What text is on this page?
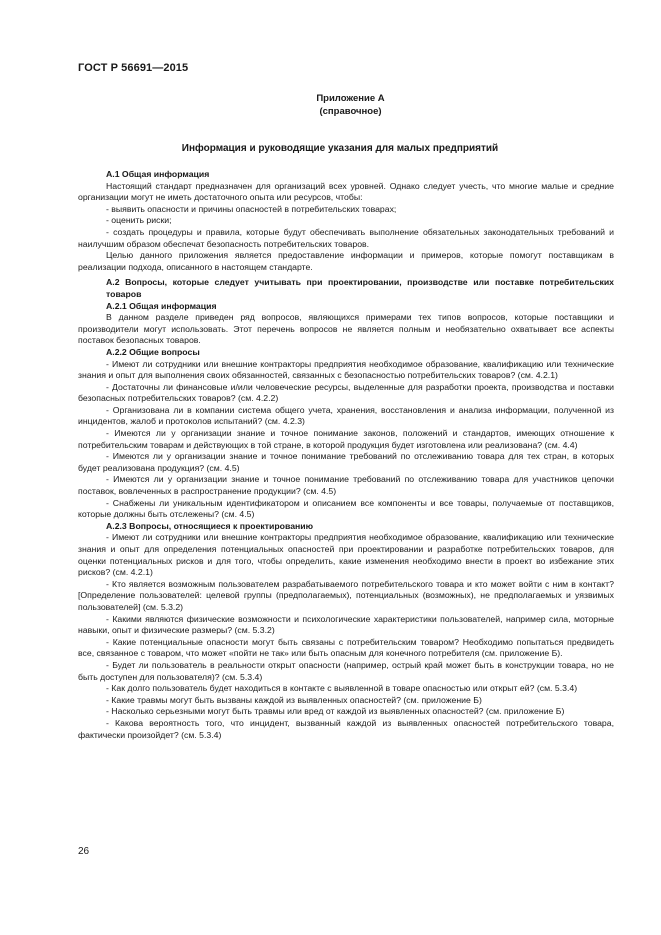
ГОСТ Р 56691—2015
Приложение А
(справочное)
Информация и руководящие указания для малых предприятий

А.1 Общая информация

Настоящий стандарт предназначен для организаций всех уровней. Однако следует учесть, что многие малые и средние организации могут не иметь достаточного опыта или ресурсов, чтобы:

- выявить опасности и причины опасностей в потребительских товарах;

- оценить риски;

- создать процедуры и правила, которые будут обеспечивать выполнение обязательных законодательных требований и наилучшим образом обеспечат безопасность потребительских товаров.

Целью данного приложения является предоставление информации и примеров, которые помогут поставщикам в реализации подхода, описанного в настоящем стандарте.

А.2 Вопросы, которые следует учитывать при проектировании, производстве или поставке потребительских товаров

А.2.1 Общая информация

В данном разделе приведен ряд вопросов, являющихся примерами тех типов вопросов, которые поставщики и производители могут использовать. Этот перечень вопросов не является полным и необязательно охватывает все аспекты поставок безопасных товаров.

А.2.2 Общие вопросы

- Имеют ли сотрудники или внешние контракторы предприятия необходимое образование, квалификацию или технические знания и опыт для выполнения своих обязанностей, связанных с безопасностью потребительских товаров? (см. 4.2.1)

- Достаточны ли финансовые и/или человеческие ресурсы, выделенные для разработки проекта, производства и поставки безопасных потребительских товаров? (см. 4.2.2)

- Организована ли в компании система общего учета, хранения, восстановления и анализа информации, полученной из инцидентов, жалоб и протоколов испытаний? (см. 4.2.3)

- Имеются ли у организации знание и точное понимание законов, положений и стандартов, имеющих отношение к потребительским товарам и действующих в той стране, в которой продукция будет изготовлена или реализована? (см. 4.4)

- Имеются ли у организации знание и точное понимание требований по отслеживанию товара для тех стран, в которых будет реализована продукция? (см. 4.5)

- Имеются ли у организации знание и точное понимание требований по отслеживанию товара для участников цепочки поставок, вовлеченных в распространение продукции? (см. 4.5)

- Снабжены ли уникальным идентификатором и описанием все компоненты и все товары, получаемые от поставщиков, которые должны быть отслежены? (см. 4.5)

А.2.3 Вопросы, относящиеся к проектированию

- Имеют ли сотрудники или внешние контракторы предприятия необходимое образование, квалификацию или технические знания и опыт для определения потенциальных опасностей при проектировании и разработке потребительских товаров, для оценки потенциальных рисков и для того, чтобы определить, какие изменения необходимо внести в проект во избежание этих рисков? (см. 4.2.1)

- Кто является возможным пользователем разрабатываемого потребительского товара и кто может войти с ним в контакт? [Определение пользователей: целевой группы (предполагаемых), потенциальных (возможных), не предполагаемых и уязвимых пользователей] (см. 5.3.2)

- Какими являются физические возможности и психологические характеристики пользователей, например сила, моторные навыки, опыт и физические размеры? (см. 5.3.2)

- Какие потенциальные опасности могут быть связаны с потребительским товаром? Необходимо попытаться предвидеть все, связанное с товаром, что может «пойти не так» или быть опасным для конечного потребителя (см. приложение Б).

- Будет ли пользователь в реальности открыт опасности (например, острый край может быть в конструкции товара, но не быть доступен для пользователя)? (см. 5.3.4)

- Как долго пользователь будет находиться в контакте с выявленной в товаре опасностью или открыт ей? (см. 5.3.4)

- Какие травмы могут быть вызваны каждой из выявленных опасностей? (см. приложение Б)

- Насколько серьезными могут быть травмы или вред от каждой из выявленных опасностей? (см. приложение Б)

- Какова вероятность того, что инцидент, вызванный каждой из выявленных опасностей потребительского товара, фактически произойдет? (см. 5.3.4)

26
